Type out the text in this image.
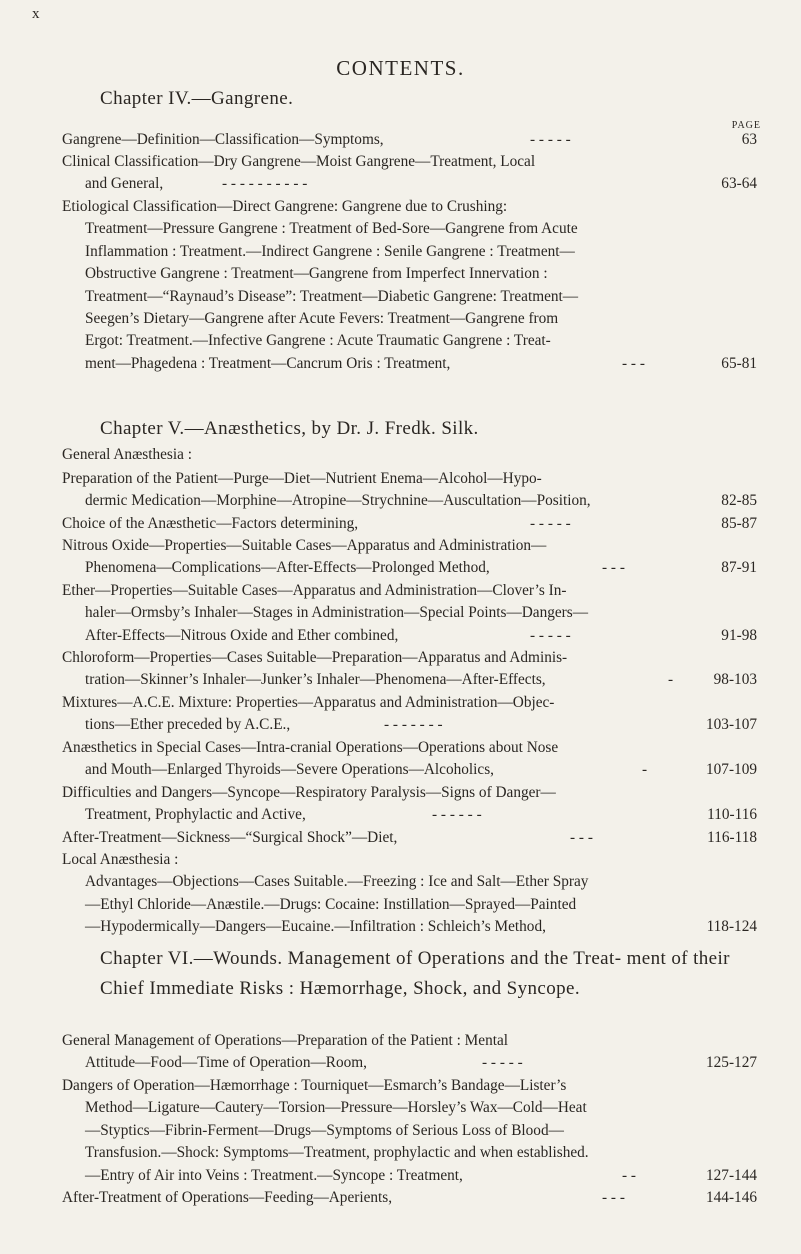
x
CONTENTS.
Chapter IV.—Gangrene.
PAGE
Gangrene—Definition—Classification—Symptoms,	- - - - -	63
Clinical Classification—Dry Gangrene—Moist Gangrene—Treatment, Local
and General,	- - - - - - - - - -	63-64
Etiological Classification—Direct Gangrene: Gangrene due to Crushing:
Treatment—Pressure Gangrene : Treatment of Bed-Sore—Gangrene from Acute
Inflammation : Treatment.—Indirect Gangrene : Senile Gangrene : Treatment—
Obstructive Gangrene : Treatment—Gangrene from Imperfect Innervation :
Treatment—“Raynaud’s Disease”: Treatment—Diabetic Gangrene: Treatment—
Seegen’s Dietary—Gangrene after Acute Fevers: Treatment—Gangrene from
Ergot: Treatment.—Infective Gangrene : Acute Traumatic Gangrene : Treat-
ment—Phagedena : Treatment—Cancrum Oris : Treatment,	- - -	65-81
Chapter V.—Anæsthetics, by Dr. J. Fredk. Silk.
General Anæsthesia :
Preparation of the Patient—Purge—Diet—Nutrient Enema—Alcohol—Hypo-
dermic Medication—Morphine—Atropine—Strychnine—Auscultation—Position,	82-85
Choice of the Anæsthetic—Factors determining,	- - - - -	85-87
Nitrous Oxide—Properties—Suitable Cases—Apparatus and Administration—
Phenomena—Complications—After-Effects—Prolonged Method,	- - -	87-91
Ether—Properties—Suitable Cases—Apparatus and Administration—Clover’s In-
haler—Ormsby’s Inhaler—Stages in Administration—Special Points—Dangers—
After-Effects—Nitrous Oxide and Ether combined,	- - - - -	91-98
Chloroform—Properties—Cases Suitable—Preparation—Apparatus and Adminis-
tration—Skinner’s Inhaler—Junker’s Inhaler—Phenomena—After-Effects,	-	98-103
Mixtures—A.C.E. Mixture: Properties—Apparatus and Administration—Objec-
tions—Ether preceded by A.C.E.,	- - - - - - -	103-107
Anæsthetics in Special Cases—Intra-cranial Operations—Operations about Nose
and Mouth—Enlarged Thyroids—Severe Operations—Alcoholics,	-	107-109
Difficulties and Dangers—Syncope—Respiratory Paralysis—Signs of Danger—
Treatment, Prophylactic and Active,	- - - - - -	110-116
After-Treatment—Sickness—“Surgical Shock”—Diet,	- - -	116-118
Local Anæsthesia :
Advantages—Objections—Cases Suitable.—Freezing : Ice and Salt—Ether Spray
—Ethyl Chloride—Anæstile.—Drugs: Cocaine: Instillation—Sprayed—Painted
—Hypodermically—Dangers—Eucaine.—Infiltration : Schleich’s Method,	118-124
Chapter VI.—Wounds. Management of Operations and the Treat- ment of their Chief Immediate Risks : Hæmorrhage, Shock, and Syncope.
General Management of Operations—Preparation of the Patient : Mental
Attitude—Food—Time of Operation—Room,	- - - - -	125-127
Dangers of Operation—Hæmorrhage : Tourniquet—Esmarch’s Bandage—Lister’s
Method—Ligature—Cautery—Torsion—Pressure—Horsley’s Wax—Cold—Heat
—Styptics—Fibrin-Ferment—Drugs—Symptoms of Serious Loss of Blood—
Transfusion.—Shock: Symptoms—Treatment, prophylactic and when established.
—Entry of Air into Veins : Treatment.—Syncope : Treatment,	- -	127-144
After-Treatment of Operations—Feeding—Aperients,	- - -	144-146
